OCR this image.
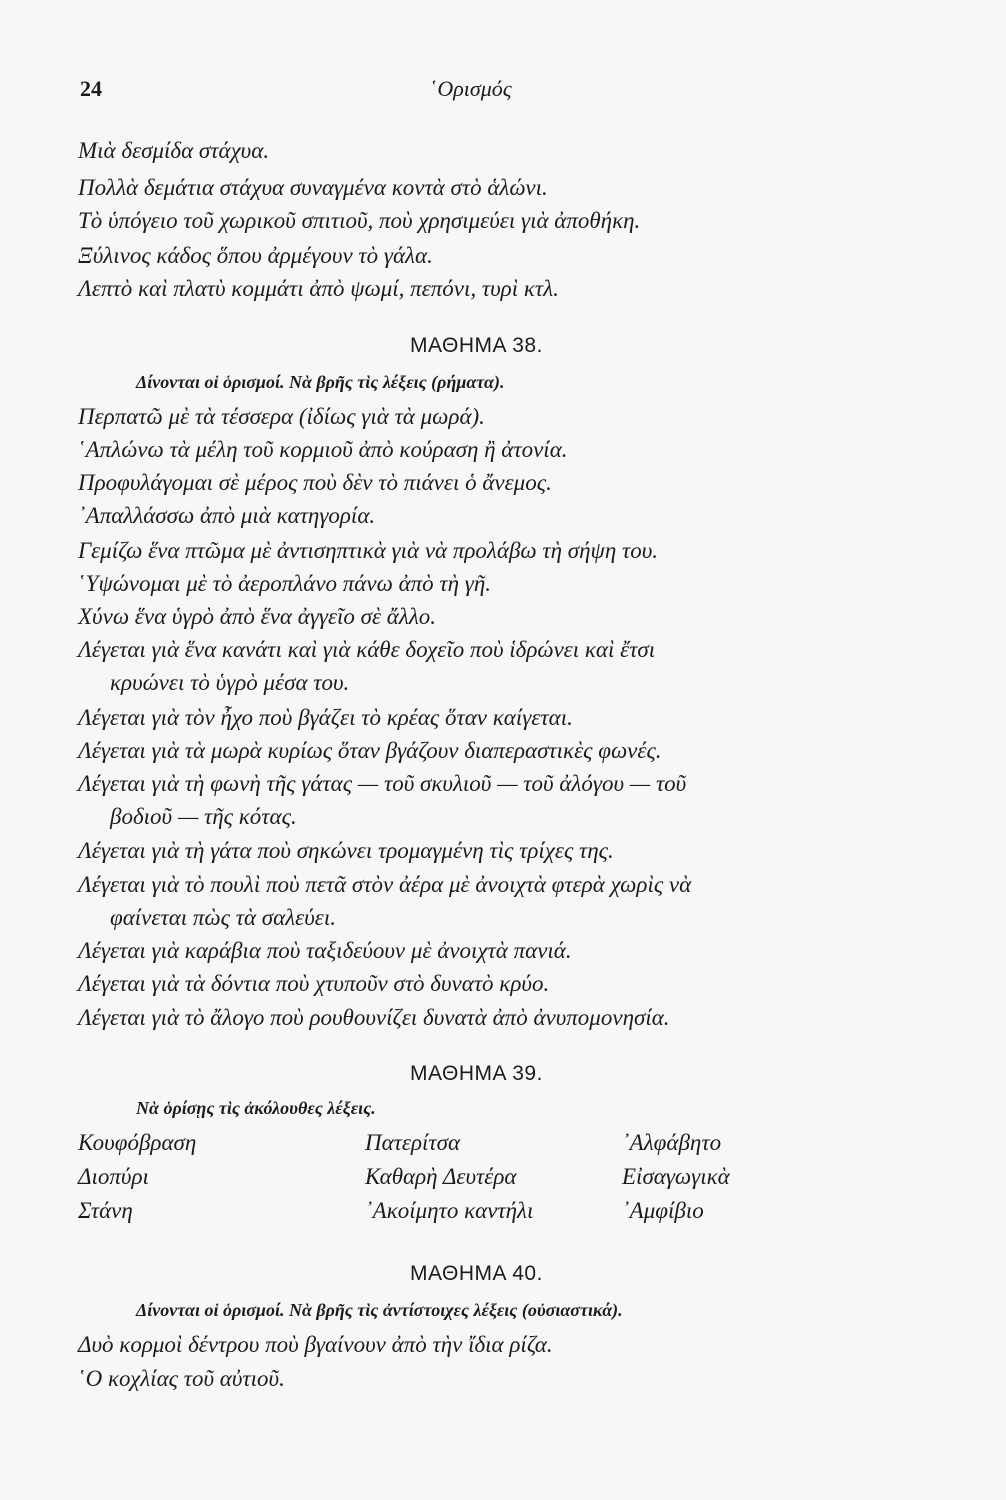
24	῾Ορισμός
Μιὰ δεσμίδα στάχυα.
Πολλὰ δεμάτια στάχυα συναγμένα κοντὰ στὸ ἁλώνι.
Τὸ ὑπόγειο τοῦ χωρικοῦ σπιτιοῦ, ποὺ χρησιμεύει γιὰ ἀποθήκη.
Ξύλινος κάδος ὅπου ἀρμέγουν τὸ γάλα.
Λεπτὸ καὶ πλατὺ κομμάτι ἀπὸ ψωμί, πεπόνι, τυρὶ κτλ.
ΜΑΘΗΜΑ 38.
Δίνονται οἱ ὁρισμοί. Νὰ βρῆς τὶς λέξεις (ρήματα).
Περπατῶ μὲ τὰ τέσσερα (ἰδίως γιὰ τὰ μωρά).
῾Απλώνω τὰ μέλη τοῦ κορμιοῦ ἀπὸ κούραση ἢ ἀτονία.
Προφυλάγομαι σὲ μέρος ποὺ δὲν τὸ πιάνει ὁ ἄνεμος.
᾿Απαλλάσσω ἀπὸ μιὰ κατηγορία.
Γεμίζω ἕνα πτῶμα μὲ ἀντισηπτικὰ γιὰ νὰ προλάβω τὴ σήψη του.
῾Υψώνομαι μὲ τὸ ἀεροπλάνο πάνω ἀπὸ τὴ γῆ.
Χύνω ἕνα ὑγρὸ ἀπὸ ἕνα ἀγγεῖο σὲ ἄλλο.
Λέγεται γιὰ ἕνα κανάτι καὶ γιὰ κάθε δοχεῖο ποὺ ἱδρώνει καὶ ἔτσι
κρυώνει τὸ ὑγρὸ μέσα του.
Λέγεται γιὰ τὸν ἦχο ποὺ βγάζει τὸ κρέας ὅταν καίγεται.
Λέγεται γιὰ τὰ μωρὰ κυρίως ὅταν βγάζουν διαπεραστικὲς φωνές.
Λέγεται γιὰ τὴ φωνὴ τῆς γάτας — τοῦ σκυλιοῦ — τοῦ ἀλόγου — τοῦ
βοδιοῦ — τῆς κότας.
Λέγεται γιὰ τὴ γάτα ποὺ σηκώνει τρομαγμένη τὶς τρίχες της.
Λέγεται γιὰ τὸ πουλὶ ποὺ πετᾶ στὸν ἀέρα μὲ ἀνοιχτὰ φτερὰ χωρὶς νὰ
φαίνεται πὼς τὰ σαλεύει.
Λέγεται γιὰ καράβια ποὺ ταξιδεύουν μὲ ἀνοιχτὰ πανιά.
Λέγεται γιὰ τὰ δόντια ποὺ χτυποῦν στὸ δυνατὸ κρύο.
Λέγεται γιὰ τὸ ἄλογο ποὺ ρουθουνίζει δυνατὰ ἀπὸ ἀνυπομονησία.
ΜΑΘΗΜΑ 39.
Νὰ ὁρίσῃς τὶς ἀκόλουθες λέξεις.
Κουφόβραση	Πατερίτσα	᾿Αλφάβητο
Διοπύρι	Καθαρὴ Δευτέρα	Εἰσαγωγικὰ
Στάνη	᾿Ακοίμητο καντήλι	᾿Αμφίβιο
ΜΑΘΗΜΑ 40.
Δίνονται οἱ ὁρισμοί. Νὰ βρῆς τὶς ἀντίστοιχες λέξεις (οὐσιαστικά).
Δυὸ κορμοὶ δέντρου ποὺ βγαίνουν ἀπὸ τὴν ἴδια ρίζα.
῾Ο κοχλίας τοῦ αὐτιοῦ.
